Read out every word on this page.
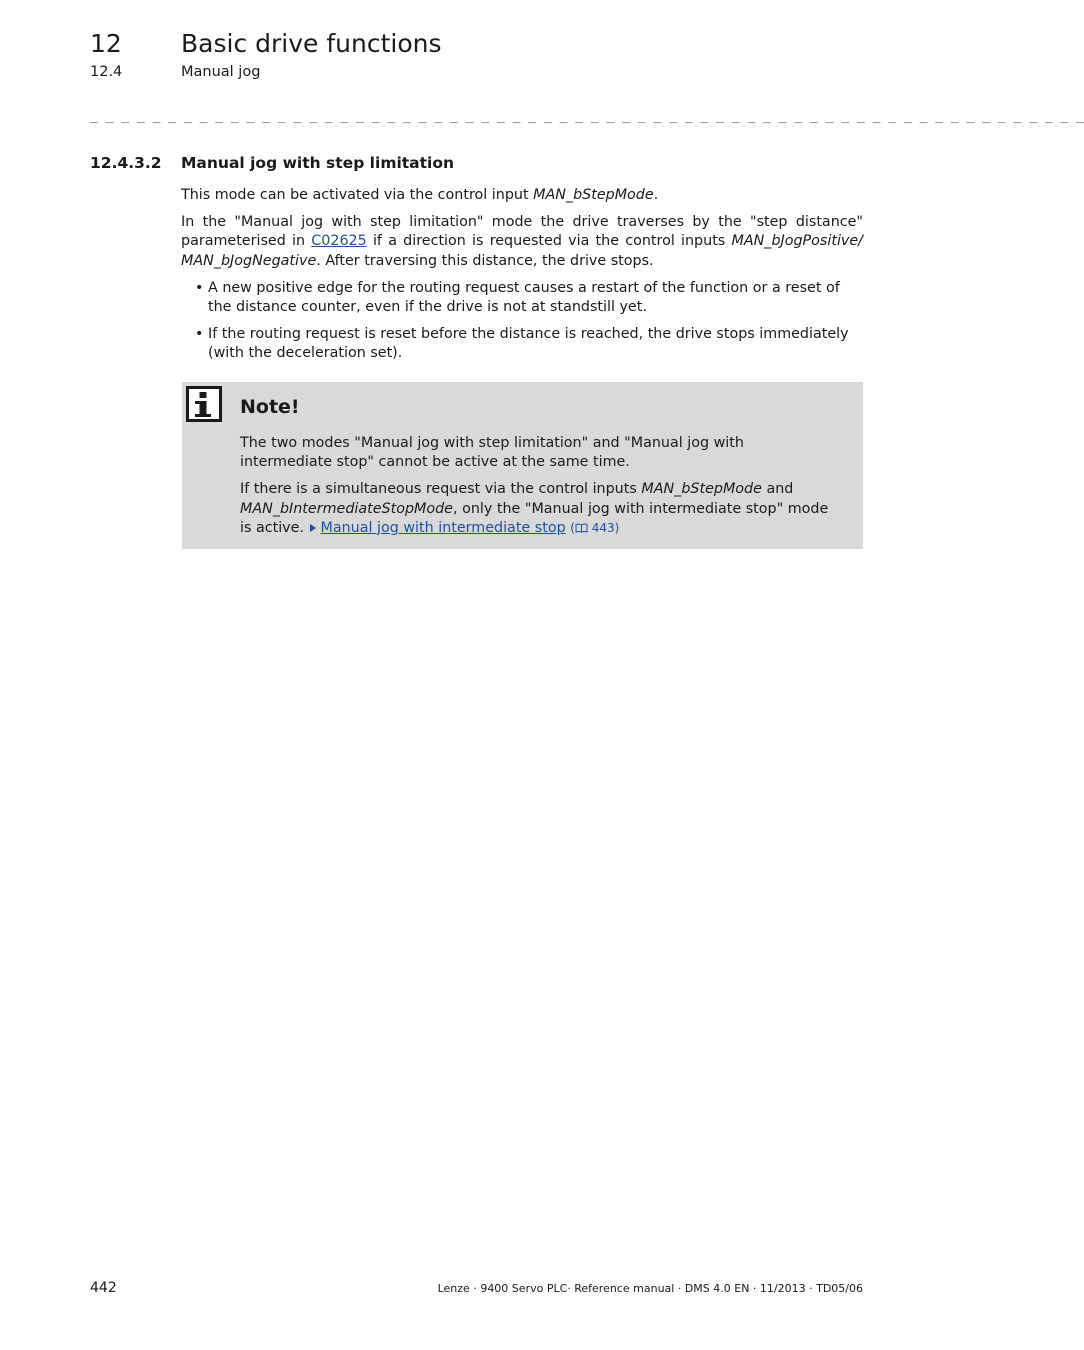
12 Basic drive functions
12.4	Manual jog
_ _ _ _ _ _ _ _ _ _ _ _ _ _ _ _ _ _ _ _ _ _ _ _ _ _ _ _ _ _ _ _ _ _ _ _ _ _ _ _ _ _ _ _ _ _ _ _ _ _ _ _ _ _ _ _ _ _ _ _ _ _ _ _
12.4.3.2 Manual jog with step limitation

This mode can be activated via the control input MAN_bStepMode.

In the "Manual jog with step limitation" mode the drive traverses by the "step distance" parameterised in C02625 if a direction is requested via the control inputs MAN_bJogPositive/ MAN_bJogNegative. After traversing this distance, the drive stops.

• A new positive edge for the routing request causes a restart of the function or a reset of the distance counter, even if the drive is not at standstill yet.
• If the routing request is reset before the distance is reached, the drive stops immediately (with the deceleration set).
Note!

The two modes "Manual jog with step limitation" and "Manual jog with intermediate stop" cannot be active at the same time.

If there is a simultaneous request via the control inputs MAN_bStepMode and MAN_bIntermediateStopMode, only the "Manual jog with intermediate stop" mode is active. Manual jog with intermediate stop ( 443)

442	Lenze · 9400 Servo PLC· Reference manual · DMS 4.0 EN · 11/2013 · TD05/06
